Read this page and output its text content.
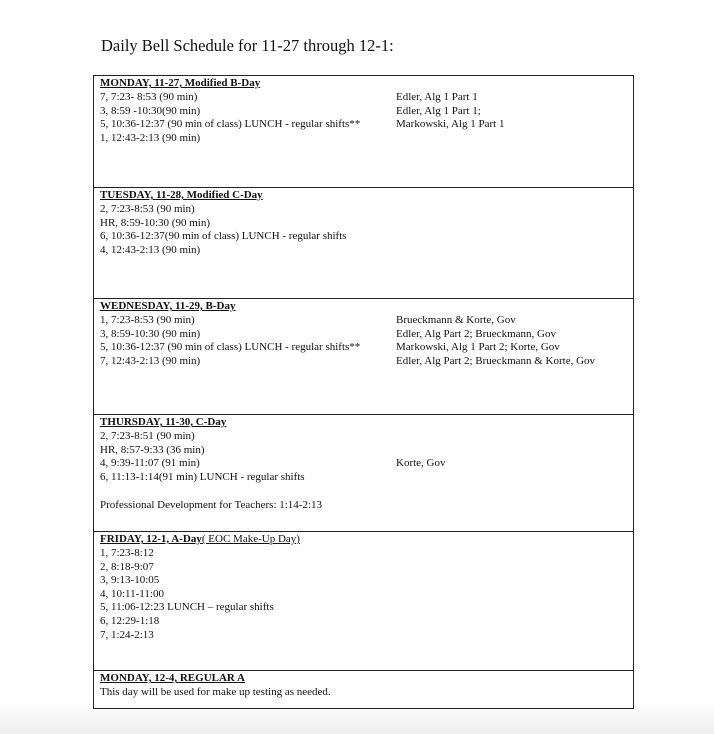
Daily Bell Schedule for 11-27 through 12-1:
MONDAY, 11-27, Modified B-Day
7, 7:23- 8:53 (90 min)
3, 8:59 -10:30(90 min)
5, 10:36-12:37 (90 min of class) LUNCH - regular shifts**
1, 12:43-2:13 (90 min)
Edler, Alg 1 Part 1
Edler, Alg 1 Part 1;
Markowski, Alg 1 Part 1
TUESDAY, 11-28, Modified C-Day
2, 7:23-8:53 (90 min)
HR, 8:59-10:30 (90 min)
6, 10:36-12:37(90 min of class) LUNCH - regular shifts
4, 12:43-2:13 (90 min)
WEDNESDAY, 11-29, B-Day
1, 7:23-8:53 (90 min)
3, 8:59-10:30 (90 min)
5, 10:36-12:37 (90 min of class) LUNCH - regular shifts**
7, 12:43-2:13 (90 min)
Brueckmann & Korte, Gov
Edler, Alg Part 2; Brueckmann, Gov
Markowski, Alg 1 Part 2; Korte, Gov
Edler, Alg Part 2; Brueckmann & Korte, Gov
THURSDAY, 11-30, C-Day
2, 7:23-8:51 (90 min)
HR, 8:57-9:33 (36 min)
4, 9:39-11:07 (91 min)
6, 11:13-1:14(91 min) LUNCH - regular shifts
Korte, Gov
Professional Development for Teachers: 1:14-2:13
FRIDAY, 12-1, A-Day( EOC Make-Up Day)
1, 7:23-8:12
2, 8:18-9:07
3, 9:13-10:05
4, 10:11-11:00
5, 11:06-12:23 LUNCH – regular shifts
6, 12:29-1:18
7, 1:24-2:13
MONDAY, 12-4, REGULAR A
This day will be used for make up testing as needed.
